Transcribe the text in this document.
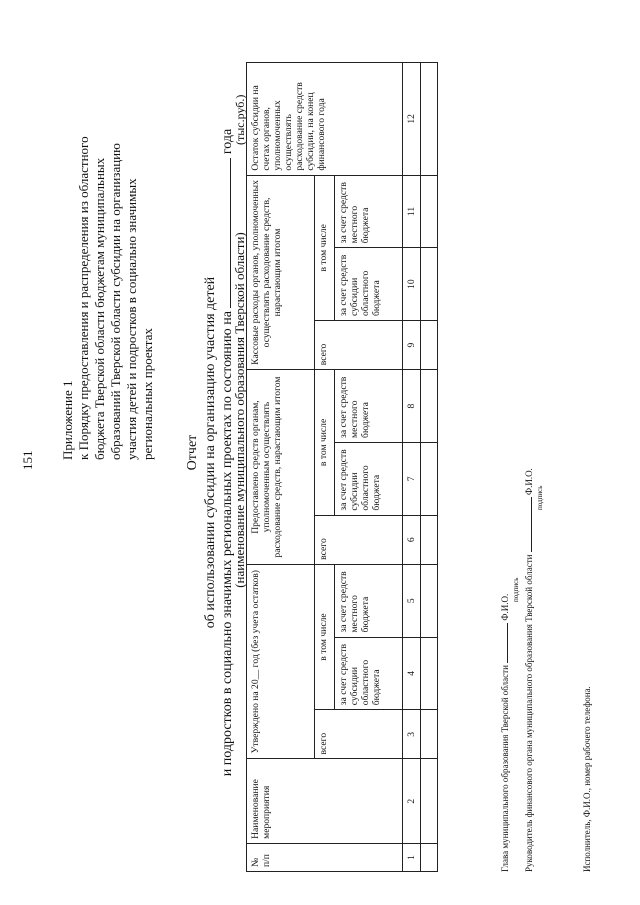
151
Приложение 1 к Порядку предоставления и распределения из областного бюджета Тверской области бюджетам муниципальных образований Тверской области субсидии на организацию участия детей и подростков в социально значимых региональных проектах Отчет об использовании субсидии на организацию участия детей и подростков в социально значимых региональных проектах по состоянию на  года
(наименование муниципального образования Тверской области)
(тыс.руб.)
№ п/п	Наименование мероприятия	Утверждено на 20__ год (без учета остатков)			Предоставлено средств органам, уполномоченным осуществлять расходование средств, нарастающим итогом			Кассовые расходы органов, уполномоченных осуществлять расходование средств, нарастающим итогом			Остаток субсидии на счетах органов, уполномоченных осуществлять расходование средств субсидии, на конец финансового года
		всего	в том числе		всего	в том числе		всего	в том числе		
			за счет средств субсидии областного бюджета	за счет средств местного бюджета		за счет средств субсидии областного бюджета	за счет средств местного бюджета		за счет средств субсидии областного бюджета	за счет средств местного бюджета	
1	2	3	4	5	6	7	8	9	10	11	12

Глава муниципального образования Тверской области  Ф.И.О.
подпись Руководитель финансового органа муниципального образования Тверской области  Ф.И.О.
подпись
Исполнитель, Ф.И.О., номер рабочего телефона.
